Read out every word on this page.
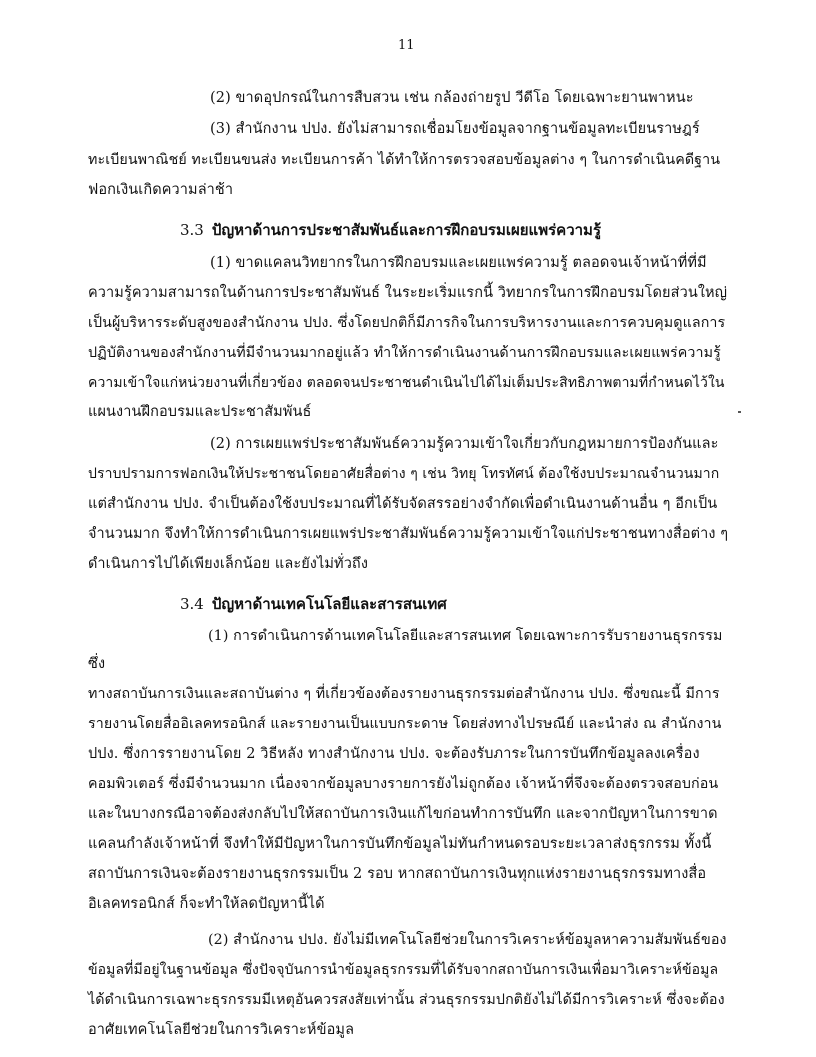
11
(2) ขาดอุปกรณ์ในการสืบสวน เช่น กล้องถ่ายรูป วีดีโอ โดยเฉพาะยานพาหนะ
(3) สำนักงาน ปปง. ยังไม่สามารถเชื่อมโยงข้อมูลจากฐานข้อมูลทะเบียนราษฎร์
ทะเบียนพาณิชย์ ทะเบียนขนส่ง ทะเบียนการค้า ได้ทำให้การตรวจสอบข้อมูลต่าง ๆ ในการดำเนินคดีฐาน
ฟอกเงินเกิดความล่าช้า
3.3 ปัญหาด้านการประชาสัมพันธ์และการฝึกอบรมเผยแพร่ความรู้
(1) ขาดแคลนวิทยากรในการฝึกอบรมและเผยแพร่ความรู้ ตลอดจนเจ้าหน้าที่ที่มี
ความรู้ความสามารถในด้านการประชาสัมพันธ์ ในระยะเริ่มแรกนี้ วิทยากรในการฝึกอบรมโดยส่วนใหญ่
เป็นผู้บริหารระดับสูงของสำนักงาน ปปง. ซึ่งโดยปกติก็มีภารกิจในการบริหารงานและการควบคุมดูแลการ
ปฏิบัติงานของสำนักงานที่มีจำนวนมากอยู่แล้ว ทำให้การดำเนินงานด้านการฝึกอบรมและเผยแพร่ความรู้
ความเข้าใจแก่หน่วยงานที่เกี่ยวข้อง ตลอดจนประชาชนดำเนินไปได้ไม่เต็มประสิทธิภาพตามที่กำหนดไว้ใน
แผนงานฝึกอบรมและประชาสัมพันธ์
(2) การเผยแพร่ประชาสัมพันธ์ความรู้ความเข้าใจเกี่ยวกับกฎหมายการป้องกันและ
ปราบปรามการฟอกเงินให้ประชาชนโดยอาศัยสื่อต่าง ๆ เช่น วิทยุ โทรทัศน์ ต้องใช้งบประมาณจำนวนมาก
แต่สำนักงาน ปปง. จำเป็นต้องใช้งบประมาณที่ได้รับจัดสรรอย่างจำกัดเพื่อดำเนินงานด้านอื่น ๆ อีกเป็น
จำนวนมาก จึงทำให้การดำเนินการเผยแพร่ประชาสัมพันธ์ความรู้ความเข้าใจแก่ประชาชนทางสื่อต่าง ๆ
ดำเนินการไปได้เพียงเล็กน้อย และยังไม่ทั่วถึง
3.4 ปัญหาด้านเทคโนโลยีและสารสนเทศ
(1) การดำเนินการด้านเทคโนโลยีและสารสนเทศ โดยเฉพาะการรับรายงานธุรกรรม
ซึ่ง
ทางสถาบันการเงินและสถาบันต่าง ๆ ที่เกี่ยวข้องต้องรายงานธุรกรรมต่อสำนักงาน ปปง. ซึ่งขณะนี้ มีการ
รายงานโดยสื่ออิเลคทรอนิกส์ และรายงานเป็นแบบกระดาษ โดยส่งทางไปรษณีย์ และนำส่ง ณ สำนักงาน
ปปง. ซึ่งการรายงานโดย 2 วิธีหลัง ทางสำนักงาน ปปง. จะต้องรับภาระในการบันทึกข้อมูลลงเครื่อง
คอมพิวเตอร์ ซึ่งมีจำนวนมาก เนื่องจากข้อมูลบางรายการยังไม่ถูกต้อง เจ้าหน้าที่จึงจะต้องตรวจสอบก่อน
และในบางกรณีอาจต้องส่งกลับไปให้สถาบันการเงินแก้ไขก่อนทำการบันทึก และจากปัญหาในการขาด
แคลนกำลังเจ้าหน้าที่ จึงทำให้มีปัญหาในการบันทึกข้อมูลไม่ทันกำหนดรอบระยะเวลาส่งธุรกรรม ทั้งนี้
สถาบันการเงินจะต้องรายงานธุรกรรมเป็น 2 รอบ หากสถาบันการเงินทุกแห่งรายงานธุรกรรมทางสื่อ
อิเลคทรอนิกส์ ก็จะทำให้ลดปัญหานี้ได้
(2) สำนักงาน ปปง. ยังไม่มีเทคโนโลยีช่วยในการวิเคราะห์ข้อมูลหาความสัมพันธ์ของ
ข้อมูลที่มีอยู่ในฐานข้อมูล ซึ่งปัจจุบันการนำข้อมูลธุรกรรมที่ได้รับจากสถาบันการเงินเพื่อมาวิเคราะห์ข้อมูล
ได้ดำเนินการเฉพาะธุรกรรมมีเหตุอันควรสงสัยเท่านั้น ส่วนธุรกรรมปกติยังไม่ได้มีการวิเคราะห์ ซึ่งจะต้อง
อาศัยเทคโนโลยีช่วยในการวิเคราะห์ข้อมูล
